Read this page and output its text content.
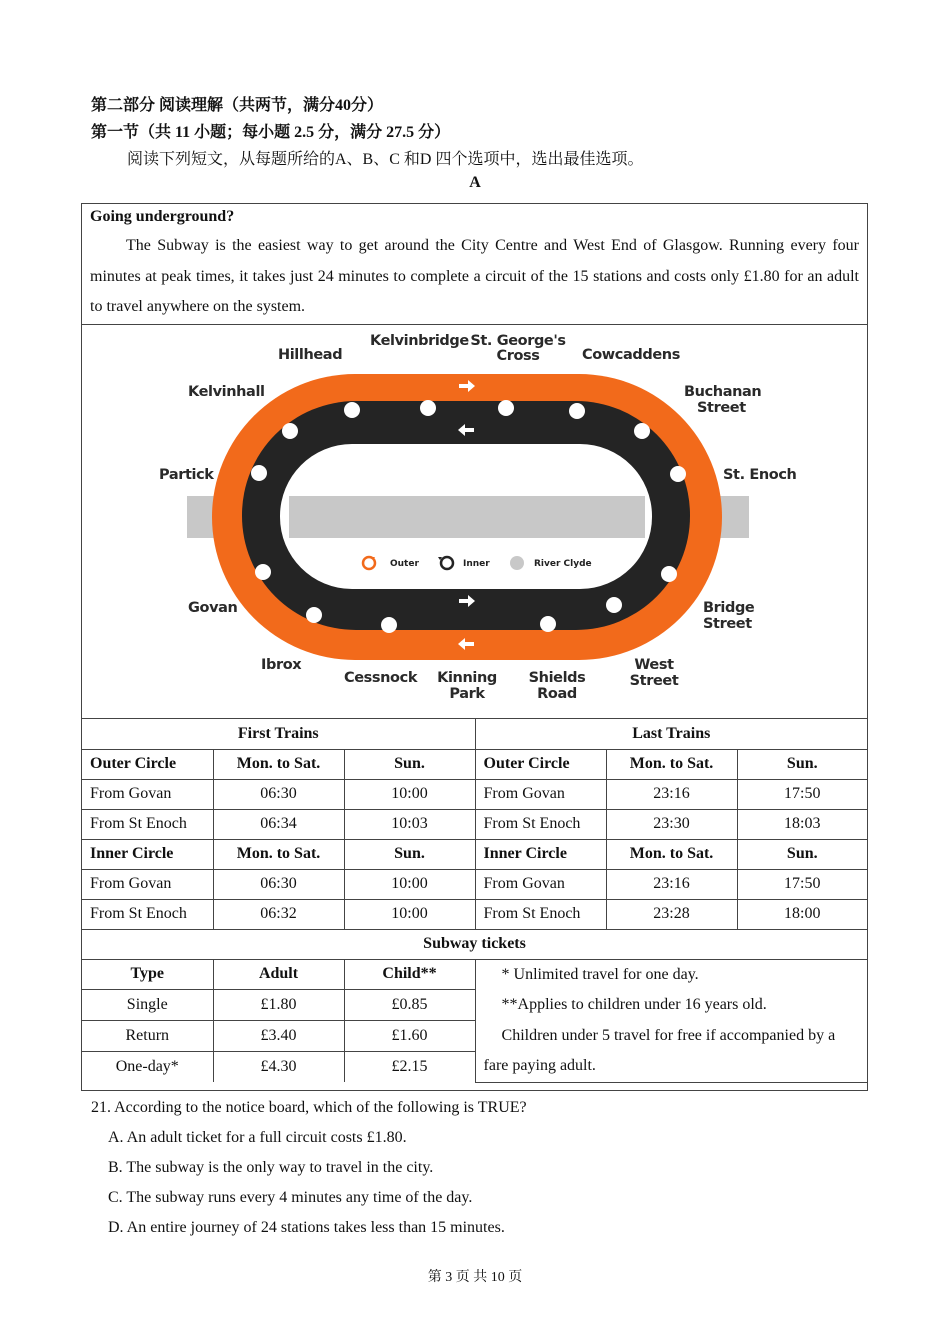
第二部分 阅读理解（共两节，满分40分）
第一节（共 11 小题；每小题 2.5 分，满分 27.5 分）
阅读下列短文，从每题所给的A、B、C 和D 四个选项中，选出最佳选项。
A
Going underground?
The Subway is the easiest way to get around the City Centre and West End of Glasgow. Running every four minutes at peak times, it takes just 24 minutes to complete a circuit of the 15 stations and costs only £1.80 for an adult to travel anywhere on the system.
Outer	Inner	River Clyde
Hillhead
Kelvinbridge St. George's
Cross	Cowcaddens
Kelvinhall	Buchanan
Street
Partick	St. Enoch
Govan	Bridge
Street
Ibrox
Cessnock Kinning
Park
Shields
Road
West
Street
First Trains			Last Trains		
Outer Circle	Mon. to Sat.	Sun.	Outer Circle	Mon. to Sat.	Sun.
From Govan	06:30	10:00	From Govan	23:16	17:50
From St Enoch	06:34	10:03	From St Enoch	23:30	18:03
Inner Circle	Mon. to Sat.	Sun.	Inner Circle	Mon. to Sat.	Sun.
From Govan	06:30	10:00	From Govan	23:16	17:50
From St Enoch	06:32	10:00	From St Enoch	23:28	18:00
Subway tickets					
Type	Adult	Child**	* Unlimited travel for one day.
**Applies to children under 16 years old.
Children under 5 travel for free if accompanied by a fare paying adult.		

Single	£1.80	£0.85			
Return	£3.40	£1.60			
One-day*	£4.30	£2.15			
21. According to the notice board, which of the following is TRUE?
A. An adult ticket for a full circuit costs £1.80.
B. The subway is the only way to travel in the city.
C. The subway runs every 4 minutes any time of the day.
D. An entire journey of 24 stations takes less than 15 minutes.
第 3 页 共 10 页
